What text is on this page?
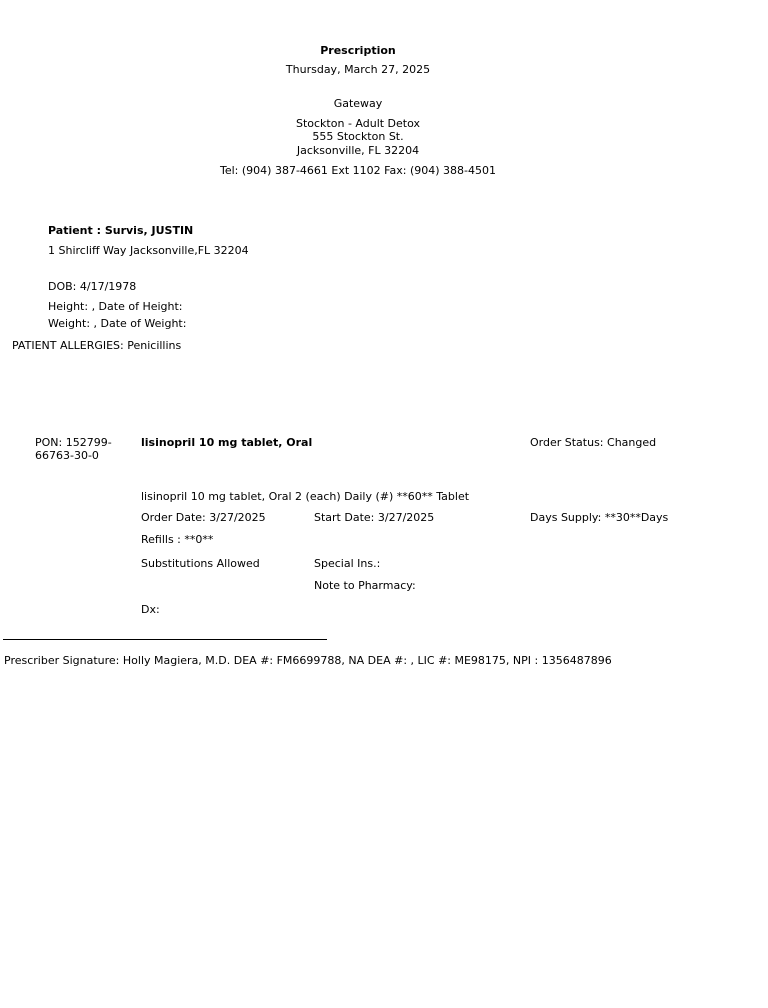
Prescription
Thursday, March 27, 2025
Gateway
Stockton - Adult Detox
555 Stockton St.
Jacksonville, FL 32204
Tel: (904) 387-4661 Ext 1102 Fax: (904) 388-4501
Patient : Survis, JUSTIN
1 Shircliff Way Jacksonville,FL 32204
DOB: 4/17/1978
Height: , Date of Height:
Weight: , Date of Weight:
PATIENT ALLERGIES: Penicillins
PON: 152799-66763-30-0
lisinopril 10 mg tablet, Oral	Order Status: Changed
lisinopril 10 mg tablet, Oral 2 (each) Daily (#) **60** Tablet
Order Date: 3/27/2025	Start Date: 3/27/2025	Days Supply: **30**Days
Refills : **0**
Substitutions Allowed	Special Ins.:
Note to Pharmacy:
Dx:
Prescriber Signature: Holly Magiera, M.D. DEA #: FM6699788, NA DEA #: , LIC #: ME98175, NPI : 1356487896
